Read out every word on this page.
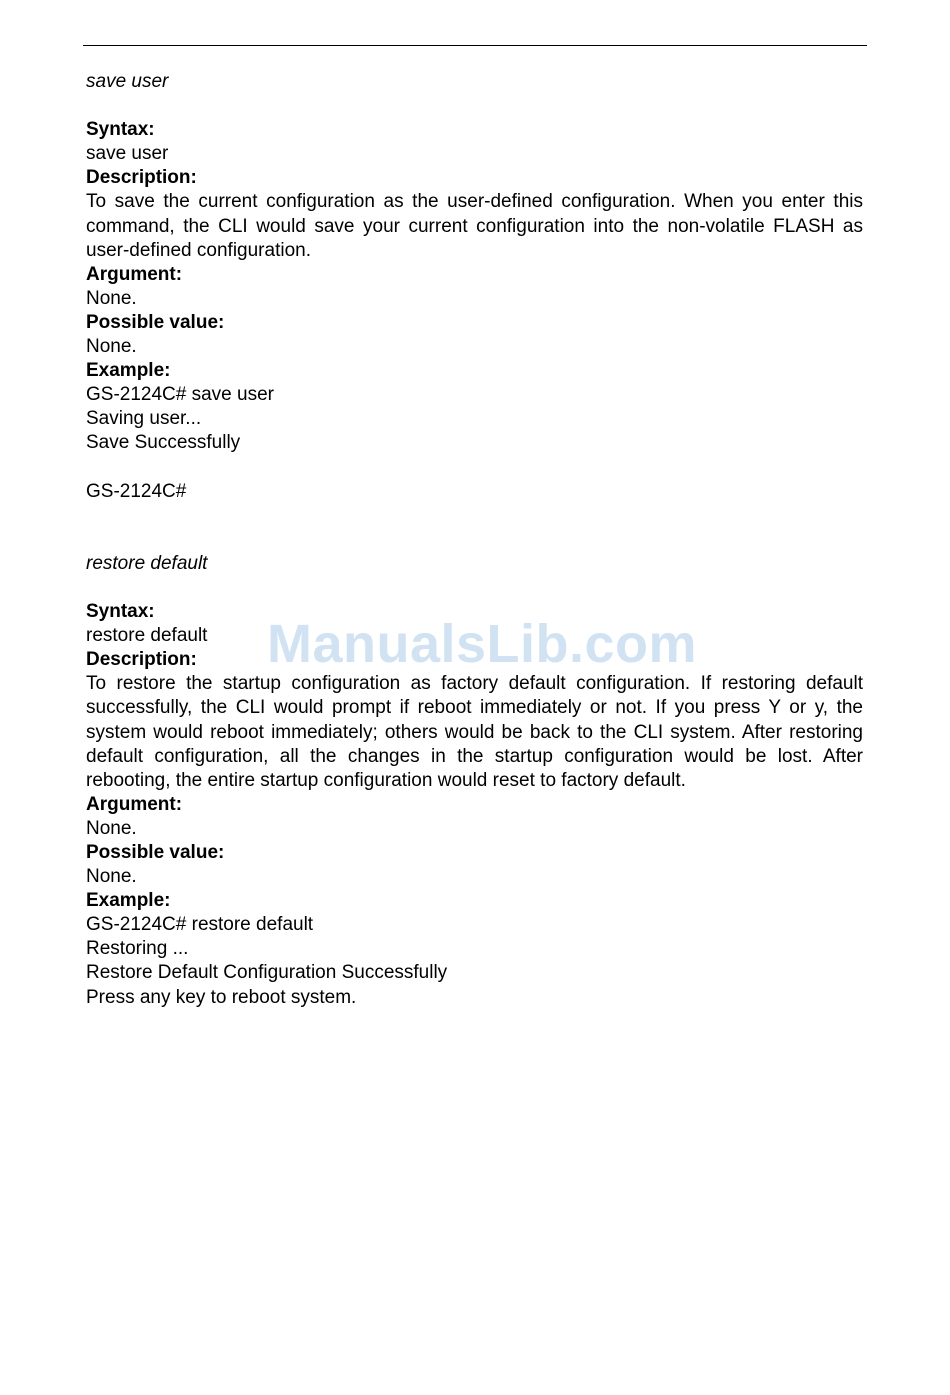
save user

Syntax:

save user

Description:

To save the current configuration as the user-defined configuration. When you enter this command, the CLI would save your current configuration into the non-volatile FLASH as user-defined configuration.

Argument:

None.

Possible value:

None.

Example:

GS-2124C# save user

Saving user...

Save Successfully

GS-2124C#

restore default

Syntax:

restore default

Description:

To restore the startup configuration as factory default configuration. If restoring default successfully, the CLI would prompt if reboot immediately or not. If you press Y or y, the system would reboot immediately; others would be back to the CLI system. After restoring default configuration, all the changes in the startup configuration would be lost. After rebooting, the entire startup configuration would reset to factory default.

Argument:

None.

Possible value:

None.

Example:

GS-2124C# restore default

Restoring ...

Restore Default Configuration Successfully

Press any key to reboot system.

ManualsLib.com
